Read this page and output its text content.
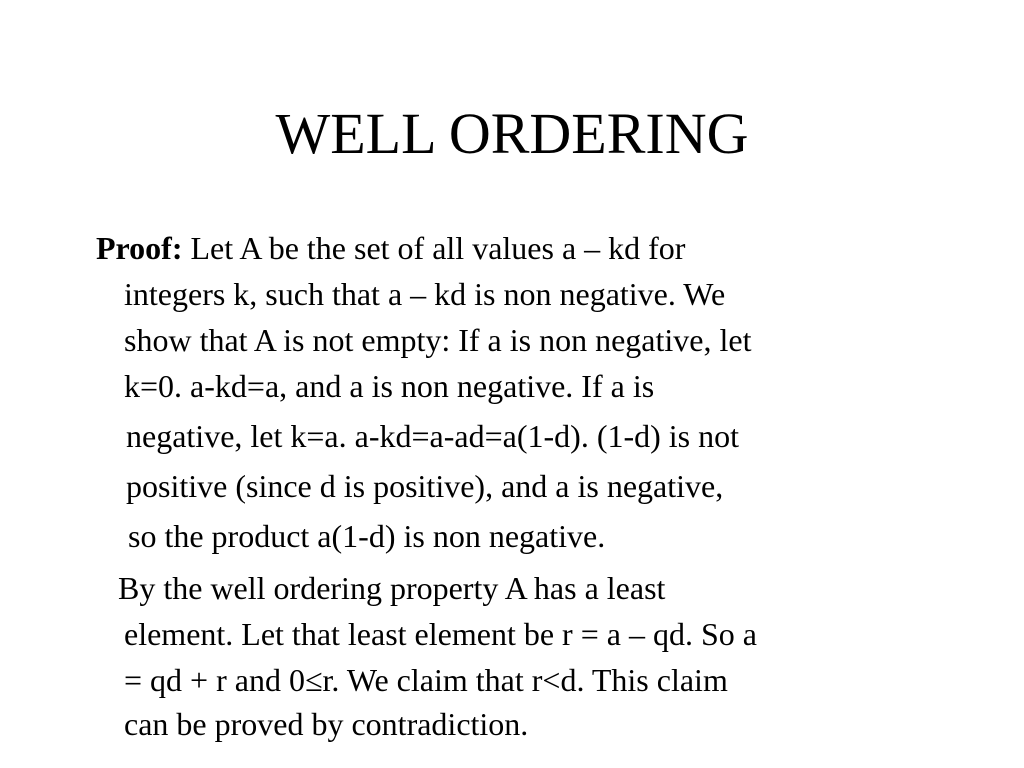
WELL ORDERING
Proof: Let A be the set of all values a – kd for
integers k, such that a – kd is non negative. We
show that A is not empty: If a is non negative, let
k=0. a-kd=a, and a is non negative. If a is
negative, let k=a. a-kd=a-ad=a(1-d). (1-d) is not
positive (since d is positive), and a is negative,
so the product a(1-d) is non negative.
By the well ordering property A has a least
element. Let that least element be r = a – qd. So a
= qd + r and 0≤r. We claim that r<d. This claim
can be proved by contradiction.
